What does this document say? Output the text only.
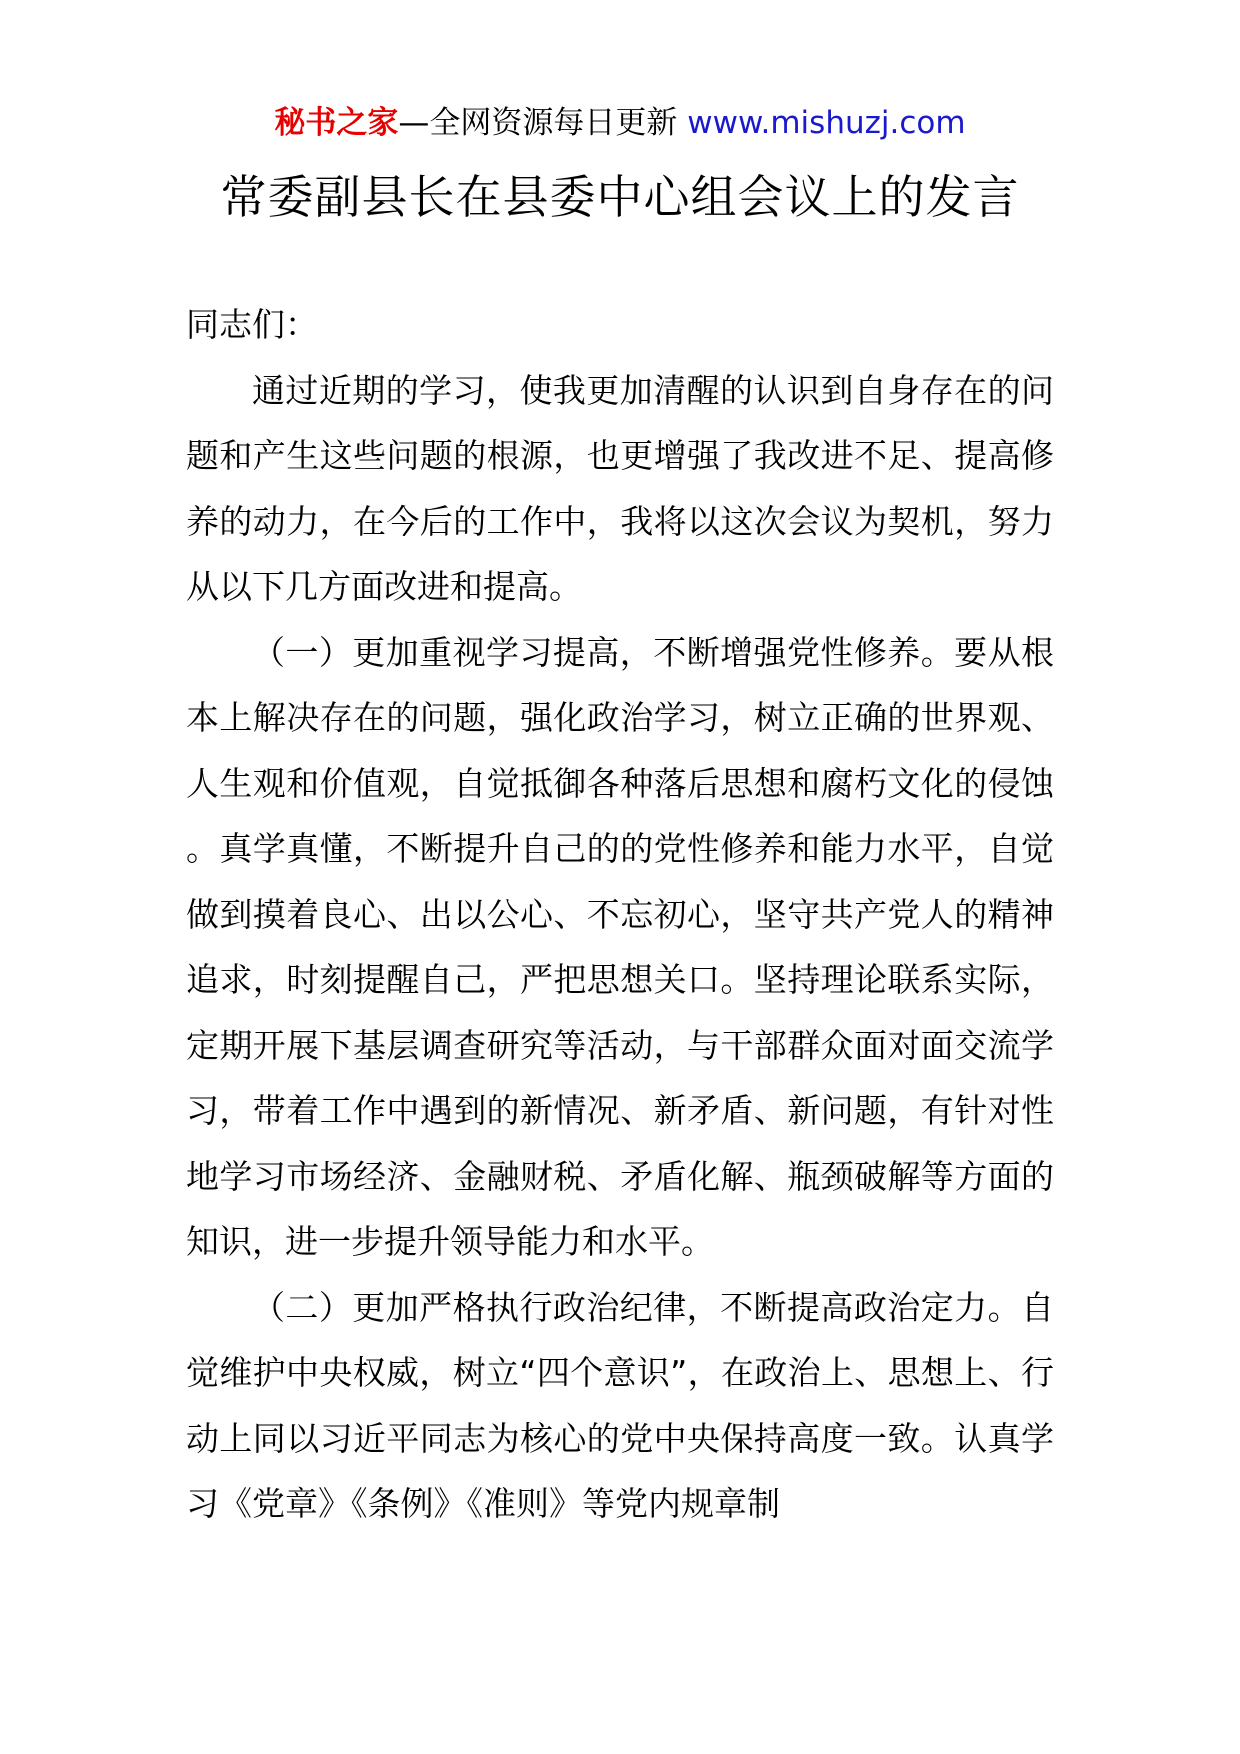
秘书之家—全网资源每日更新 www.mishuzj.com
常委副县长在县委中心组会议上的发言

同志们：

通过近期的学习，使我更加清醒的认识到自身存在的问题和产生这些问题的根源，也更增强了我改进不足、提高修养的动力，在今后的工作中，我将以这次会议为契机，努力从以下几方面改进和提高。

（一）更加重视学习提高，不断增强党性修养。要从根本上解决存在的问题，强化政治学习，树立正确的世界观、人生观和价值观，自觉抵御各种落后思想和腐朽文化的侵蚀。真学真懂，不断提升自己的的党性修养和能力水平，自觉做到摸着良心、出以公心、不忘初心，坚守共产党人的精神追求，时刻提醒自己，严把思想关口。坚持理论联系实际，定期开展下基层调查研究等活动，与干部群众面对面交流学习，带着工作中遇到的新情况、新矛盾、新问题，有针对性地学习市场经济、金融财税、矛盾化解、瓶颈破解等方面的知识，进一步提升领导能力和水平。

（二）更加严格执行政治纪律，不断提高政治定力。自觉维护中央权威，树立“四个意识”，在政治上、思想上、行动上同以习近平同志为核心的党中央保持高度一致。认真学习《党章》《条例》《准则》等党内规章制
